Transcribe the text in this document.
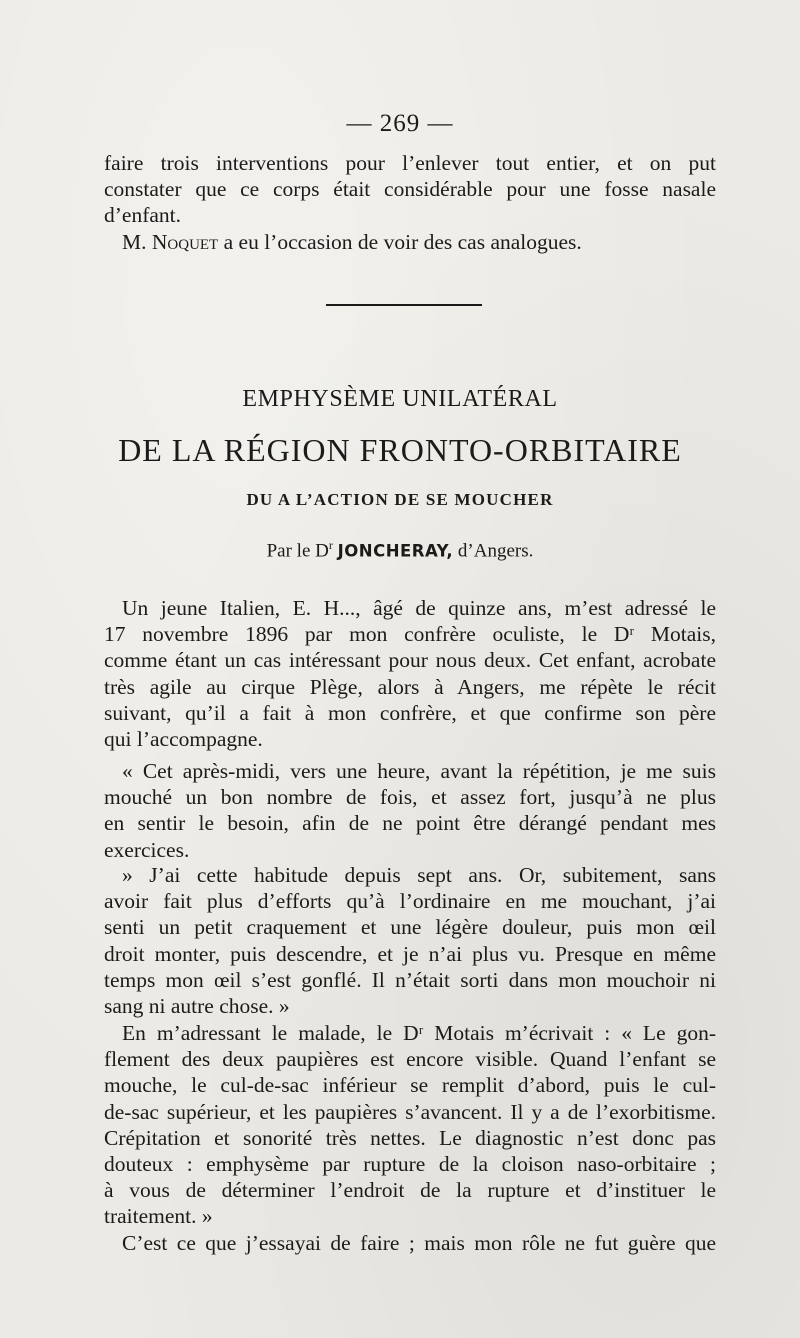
— 269 —
faire trois interventions pour l’enlever tout entier, et on put
constater que ce corps était considérable pour une fosse nasale
d’enfant.
M. Noquet a eu l’occasion de voir des cas analogues.
EMPHYSÈME UNILATÉRAL
DE LA RÉGION FRONTO-ORBITAIRE
DU A L’ACTION DE SE MOUCHER
Par le $D^r$ JONCHERAY, d’Angers.
Un jeune Italien, E. H..., âgé de quinze ans, m’est adressé le
17 novembre 1896 par mon confrère oculiste, le Dʳ Motais,
comme étant un cas intéressant pour nous deux. Cet enfant, acrobate
très agile au cirque Plège, alors à Angers, me répète le récit
suivant, qu’il a fait à mon confrère, et que confirme son père
qui l’accompagne.
« Cet après-midi, vers une heure, avant la répétition, je me suis
mouché un bon nombre de fois, et assez fort, jusqu’à ne plus
en sentir le besoin, afin de ne point être dérangé pendant mes
exercices.
» J’ai cette habitude depuis sept ans. Or, subitement, sans
avoir fait plus d’efforts qu’à l’ordinaire en me mouchant, j’ai
senti un petit craquement et une légère douleur, puis mon œil
droit monter, puis descendre, et je n’ai plus vu. Presque en même
temps mon œil s’est gonflé. Il n’était sorti dans mon mouchoir ni
sang ni autre chose. »
En m’adressant le malade, le Dʳ Motais m’écrivait : « Le gon-
flement des deux paupières est encore visible. Quand l’enfant se
mouche, le cul-de-sac inférieur se remplit d’abord, puis le cul-
de-sac supérieur, et les paupières s’avancent. Il y a de l’exorbitisme.
Crépitation et sonorité très nettes. Le diagnostic n’est donc pas
douteux : emphysème par rupture de la cloison naso-orbitaire ;
à vous de déterminer l’endroit de la rupture et d’instituer le
traitement. »
C’est ce que j’essayai de faire ; mais mon rôle ne fut guère que
